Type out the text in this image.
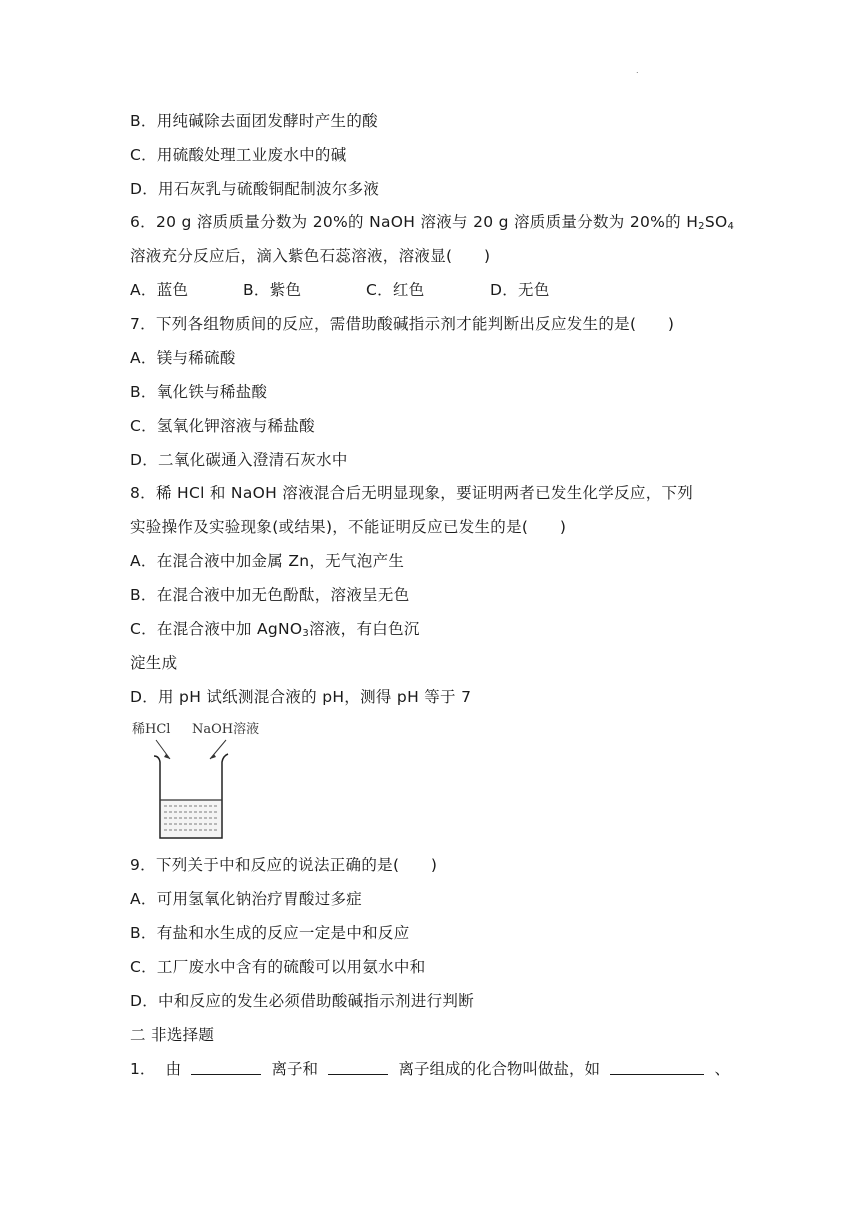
.
B．用纯碱除去面团发酵时产生的酸
C．用硫酸处理工业废水中的碱
D．用石灰乳与硫酸铜配制波尔多液
6．20 g 溶质质量分数为 20%的 NaOH 溶液与 20 g 溶质质量分数为 20%的 $H_2SO_4$
溶液充分反应后，滴入紫色石蕊溶液，溶液显(　　)
A．蓝色	B．紫色	C．红色	D．无色
7．下列各组物质间的反应，需借助酸碱指示剂才能判断出反应发生的是(　　)
A．镁与稀硫酸
B．氧化铁与稀盐酸
C．氢氧化钾溶液与稀盐酸
D．二氧化碳通入澄清石灰水中
8．稀 HCl 和 NaOH 溶液混合后无明显现象，要证明两者已发生化学反应，下列
实验操作及实验现象(或结果)，不能证明反应已发生的是(　　)
A．在混合液中加金属 Zn，无气泡产生
B．在混合液中加无色酚酞，溶液呈无色
C．在混合液中加 AgNO$_3$溶液，有白色沉
淀生成
D．用 pH 试纸测混合液的 pH，测得 pH 等于 7
稀HCl NaOH溶液
9．下列关于中和反应的说法正确的是(　　)
A．可用氢氧化钠治疗胃酸过多症
B．有盐和水生成的反应一定是中和反应
C．工厂废水中含有的硫酸可以用氨水中和
D．中和反应的发生必须借助酸碱指示剂进行判断
二 非选择题
1． 由	离子和	离子组成的化合物叫做盐，如	、
